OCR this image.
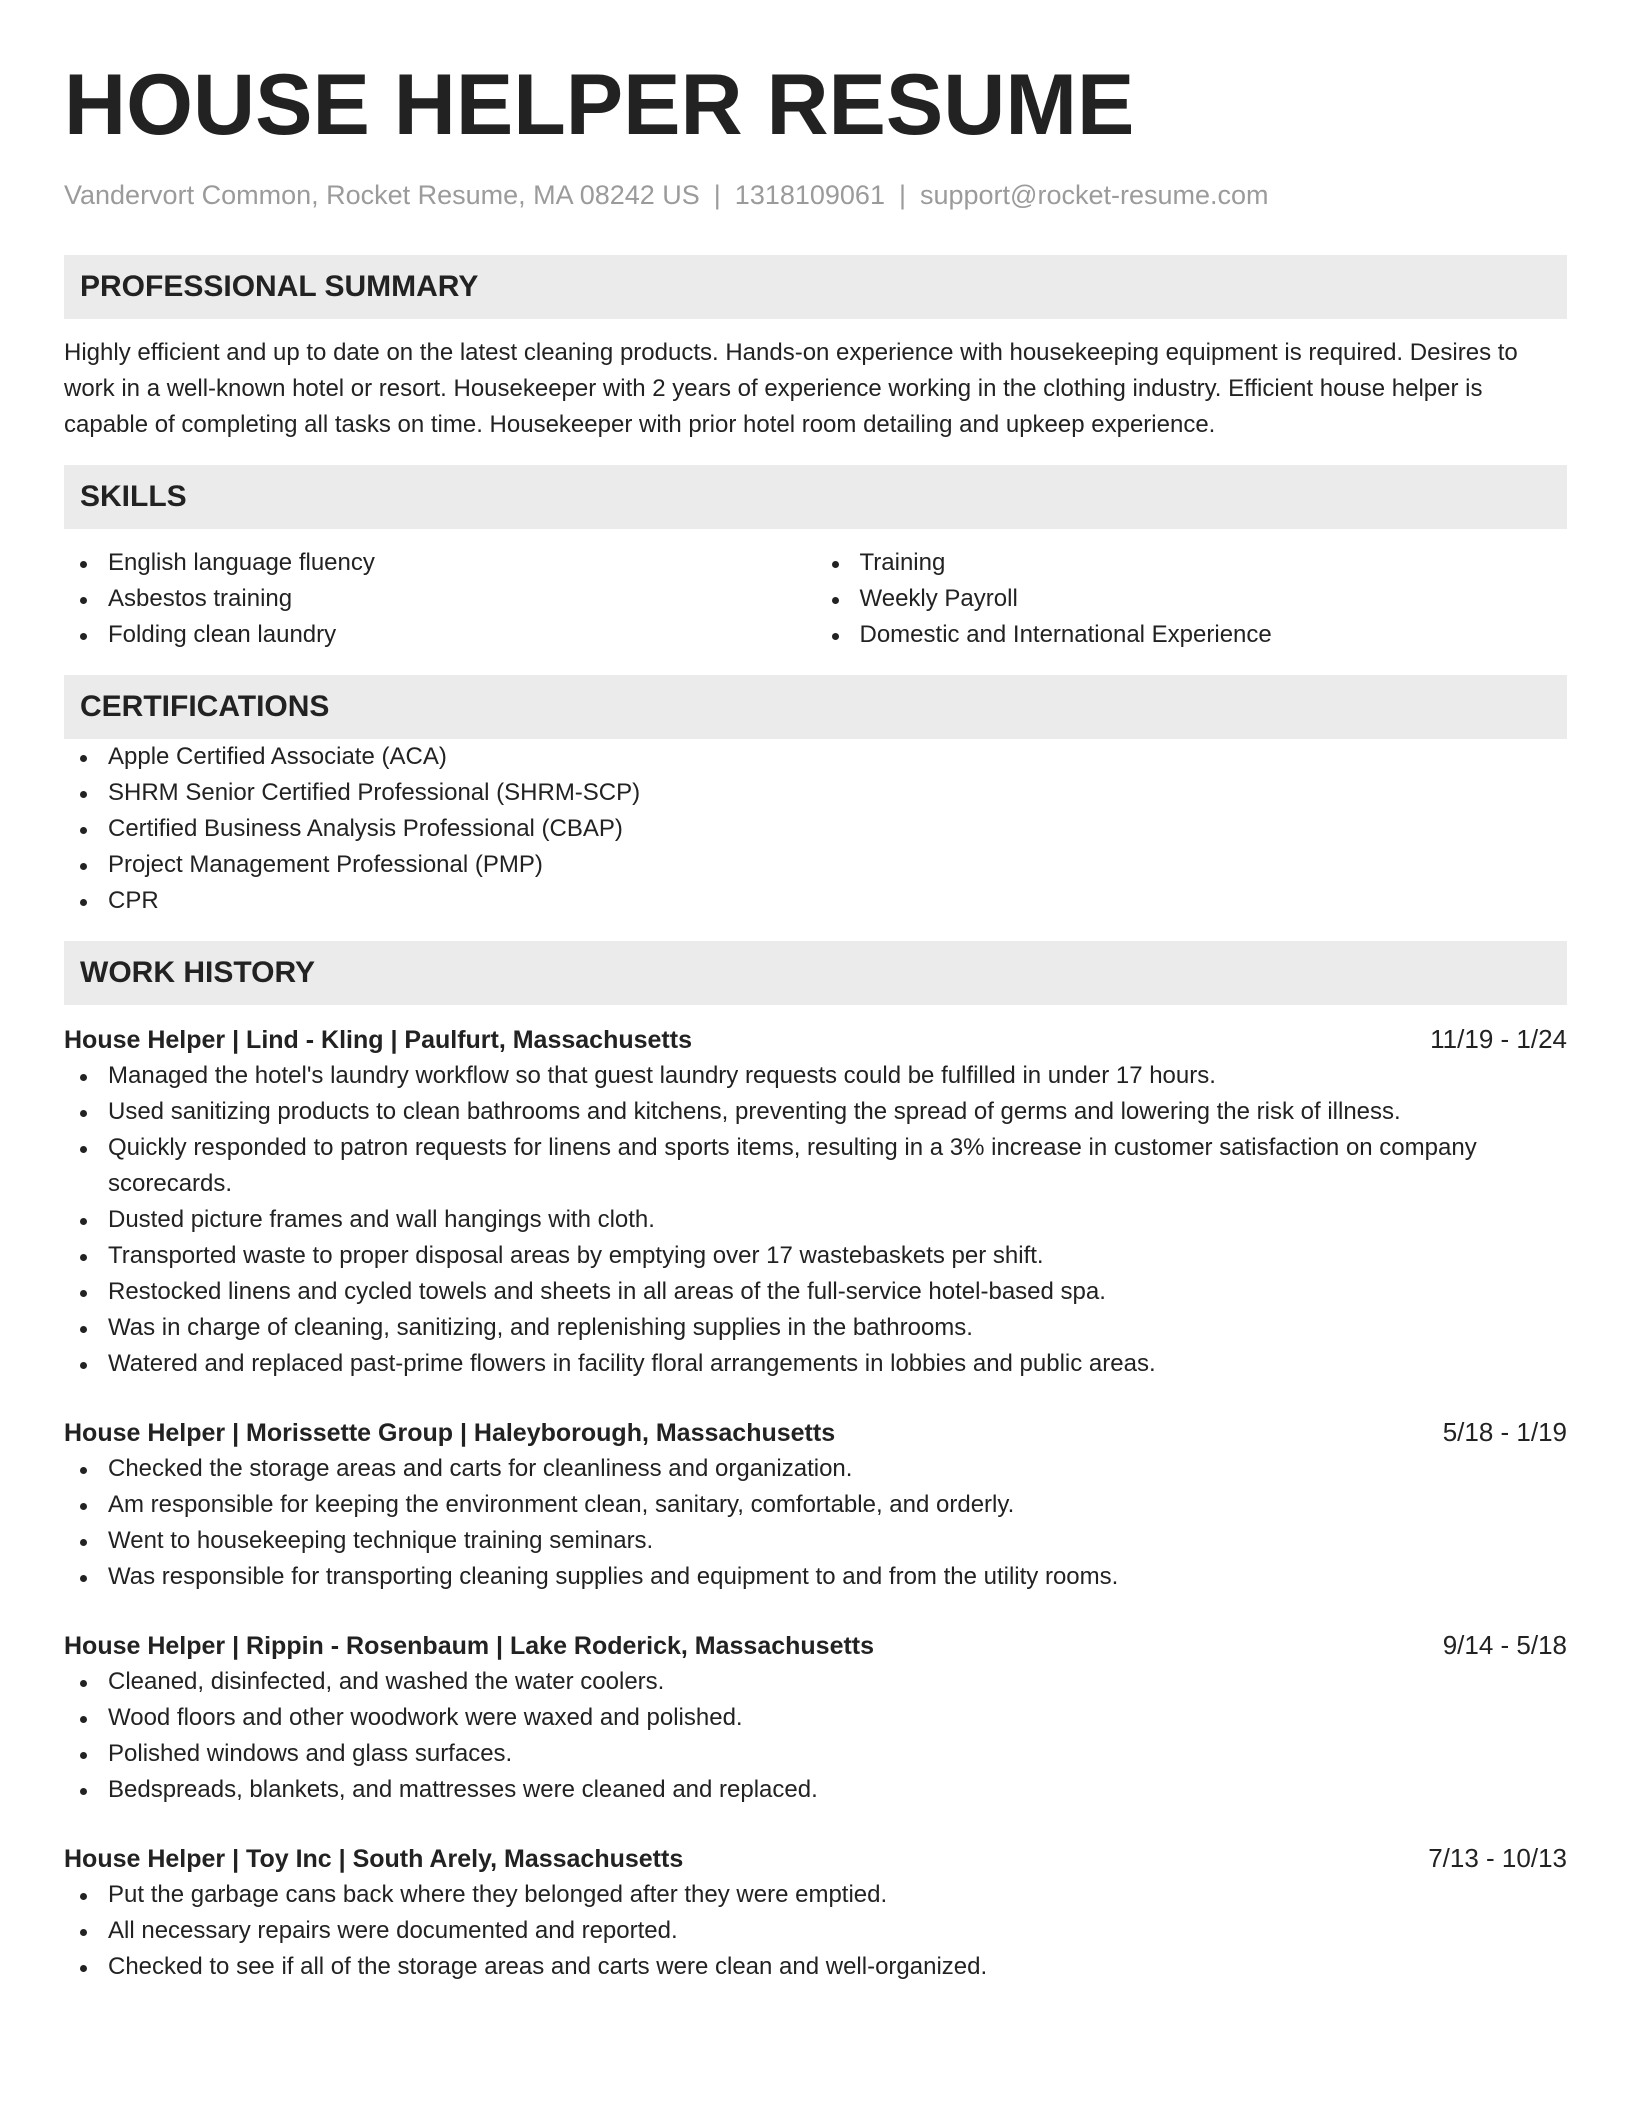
HOUSE HELPER RESUME
Vandervort Common, Rocket Resume, MA 08242 US | 1318109061 | support@rocket-resume.com
PROFESSIONAL SUMMARY

Highly efficient and up to date on the latest cleaning products. Hands-on experience with housekeeping equipment is required. Desires to work in a well-known hotel or resort. Housekeeper with 2 years of experience working in the clothing industry. Efficient house helper is capable of completing all tasks on time. Housekeeper with prior hotel room detailing and upkeep experience.

SKILLS
English language fluency
Asbestos training
Folding clean laundry
Training
Weekly Payroll
Domestic and International Experience
CERTIFICATIONS
Apple Certified Associate (ACA)
SHRM Senior Certified Professional (SHRM-SCP)
Certified Business Analysis Professional (CBAP)
Project Management Professional (PMP)
CPR
WORK HISTORY
House Helper | Lind - Kling | Paulfurt, Massachusetts	11/19 - 1/24
Managed the hotel's laundry workflow so that guest laundry requests could be fulfilled in under 17 hours.
Used sanitizing products to clean bathrooms and kitchens, preventing the spread of germs and lowering the risk of illness.
Quickly responded to patron requests for linens and sports items, resulting in a 3% increase in customer satisfaction on company scorecards.
Dusted picture frames and wall hangings with cloth.
Transported waste to proper disposal areas by emptying over 17 wastebaskets per shift.
Restocked linens and cycled towels and sheets in all areas of the full-service hotel-based spa.
Was in charge of cleaning, sanitizing, and replenishing supplies in the bathrooms.
Watered and replaced past-prime flowers in facility floral arrangements in lobbies and public areas.
House Helper | Morissette Group | Haleyborough, Massachusetts	5/18 - 1/19
Checked the storage areas and carts for cleanliness and organization.
Am responsible for keeping the environment clean, sanitary, comfortable, and orderly.
Went to housekeeping technique training seminars.
Was responsible for transporting cleaning supplies and equipment to and from the utility rooms.
House Helper | Rippin - Rosenbaum | Lake Roderick, Massachusetts	9/14 - 5/18
Cleaned, disinfected, and washed the water coolers.
Wood floors and other woodwork were waxed and polished.
Polished windows and glass surfaces.
Bedspreads, blankets, and mattresses were cleaned and replaced.
House Helper | Toy Inc | South Arely, Massachusetts	7/13 - 10/13
Put the garbage cans back where they belonged after they were emptied.
All necessary repairs were documented and reported.
Checked to see if all of the storage areas and carts were clean and well-organized.
